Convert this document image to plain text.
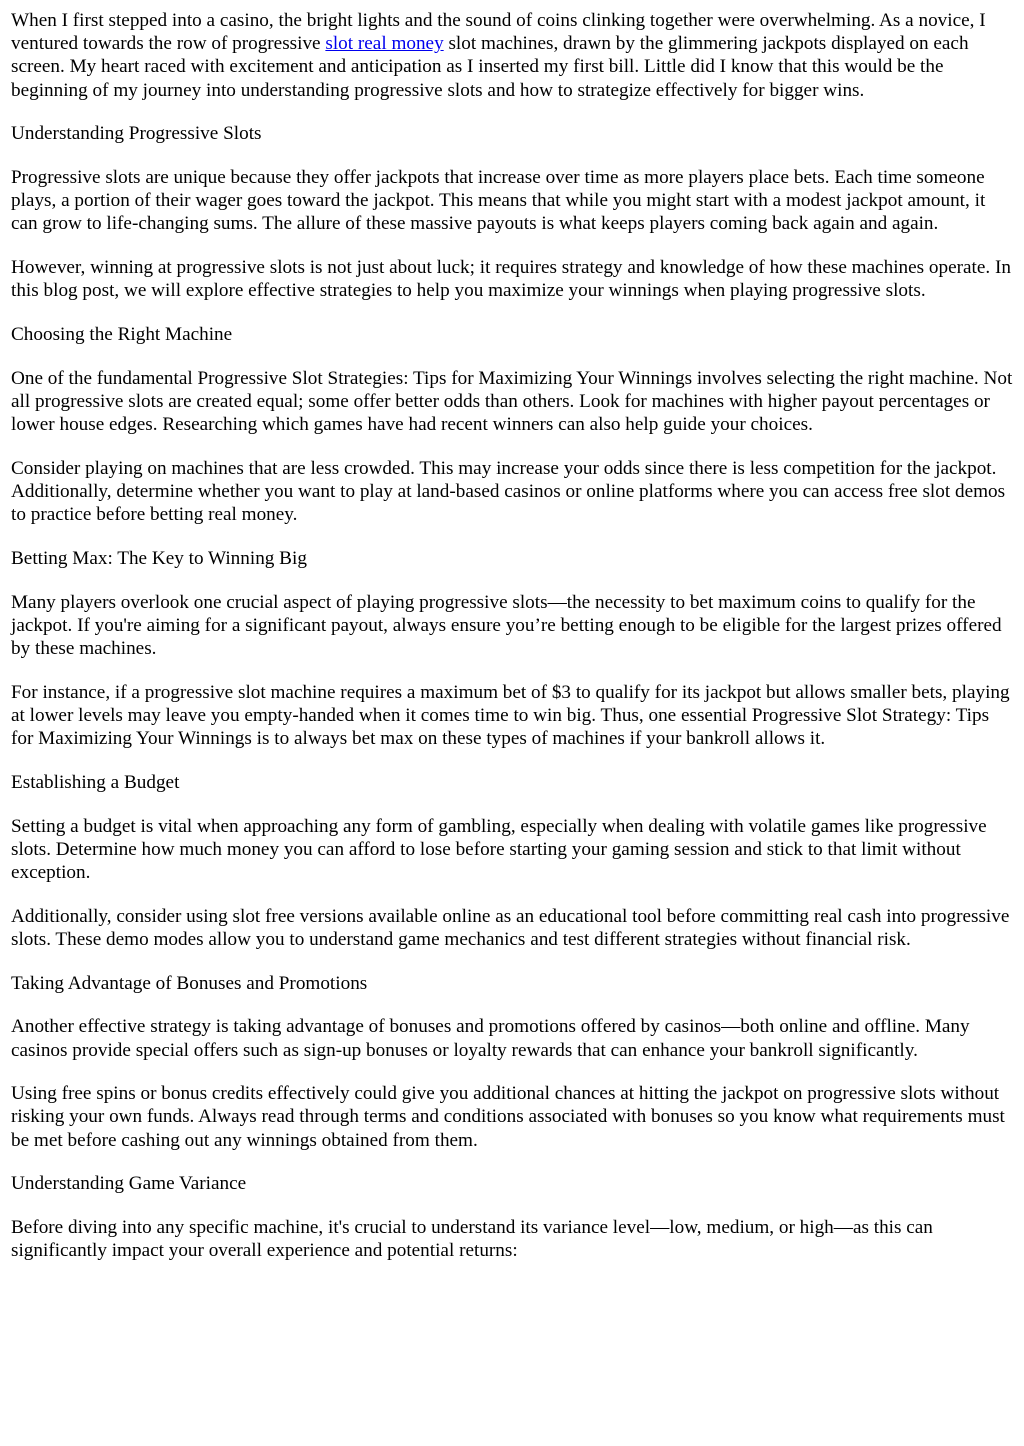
When I first stepped into a casino, the bright lights and the sound of coins clinking together were overwhelming. As a novice, I ventured towards the row of progressive slot real money slot machines, drawn by the glimmering jackpots displayed on each screen. My heart raced with excitement and anticipation as I inserted my first bill. Little did I know that this would be the beginning of my journey into understanding progressive slots and how to strategize effectively for bigger wins.

Understanding Progressive Slots

Progressive slots are unique because they offer jackpots that increase over time as more players place bets. Each time someone plays, a portion of their wager goes toward the jackpot. This means that while you might start with a modest jackpot amount, it can grow to life-changing sums. The allure of these massive payouts is what keeps players coming back again and again.

However, winning at progressive slots is not just about luck; it requires strategy and knowledge of how these machines operate. In this blog post, we will explore effective strategies to help you maximize your winnings when playing progressive slots.

Choosing the Right Machine

One of the fundamental Progressive Slot Strategies: Tips for Maximizing Your Winnings involves selecting the right machine. Not all progressive slots are created equal; some offer better odds than others. Look for machines with higher payout percentages or lower house edges. Researching which games have had recent winners can also help guide your choices.

Consider playing on machines that are less crowded. This may increase your odds since there is less competition for the jackpot. Additionally, determine whether you want to play at land-based casinos or online platforms where you can access free slot demos to practice before betting real money.

Betting Max: The Key to Winning Big

Many players overlook one crucial aspect of playing progressive slots—the necessity to bet maximum coins to qualify for the jackpot. If you're aiming for a significant payout, always ensure you’re betting enough to be eligible for the largest prizes offered by these machines.

For instance, if a progressive slot machine requires a maximum bet of $3 to qualify for its jackpot but allows smaller bets, playing at lower levels may leave you empty-handed when it comes time to win big. Thus, one essential Progressive Slot Strategy: Tips for Maximizing Your Winnings is to always bet max on these types of machines if your bankroll allows it.

Establishing a Budget

Setting a budget is vital when approaching any form of gambling, especially when dealing with volatile games like progressive slots. Determine how much money you can afford to lose before starting your gaming session and stick to that limit without exception.

Additionally, consider using slot free versions available online as an educational tool before committing real cash into progressive slots. These demo modes allow you to understand game mechanics and test different strategies without financial risk.

Taking Advantage of Bonuses and Promotions

Another effective strategy is taking advantage of bonuses and promotions offered by casinos—both online and offline. Many casinos provide special offers such as sign-up bonuses or loyalty rewards that can enhance your bankroll significantly.

Using free spins or bonus credits effectively could give you additional chances at hitting the jackpot on progressive slots without risking your own funds. Always read through terms and conditions associated with bonuses so you know what requirements must be met before cashing out any winnings obtained from them.

Understanding Game Variance

Before diving into any specific machine, it's crucial to understand its variance level—low, medium, or high—as this can significantly impact your overall experience and potential returns:
